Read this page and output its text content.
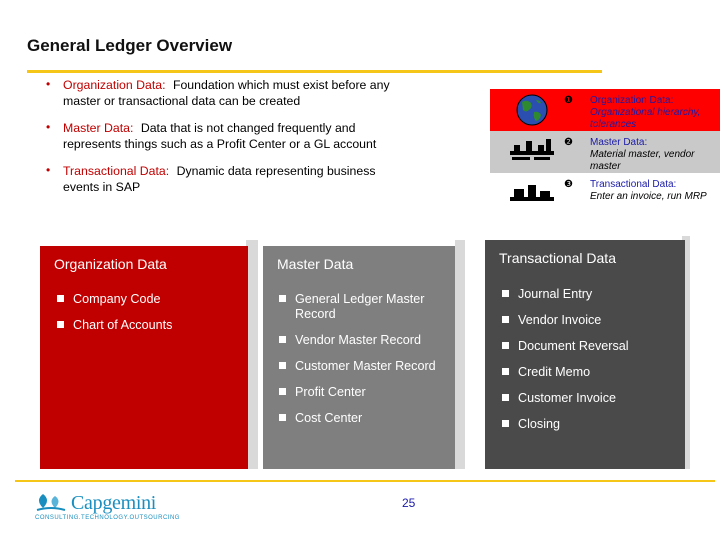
General Ledger Overview
• Organization Data: Foundation which must exist before any master or transactional data can be created
• Master Data: Data that is not changed frequently and represents things such as a Profit Center or a GL account
• Transactional Data: Dynamic data representing business events in SAP
❶ Organization Data:
Organizational hierarchy, tolerances
❷ Master Data:
Material master, vendor master
❸ Transactional Data:
Enter an invoice, run MRP
Organization Data
Company Code
Chart of Accounts
Master Data
General Ledger Master Record
Vendor Master Record
Customer Master Record
Profit Center
Cost Center
Transactional Data
Journal Entry
Vendor Invoice
Document Reversal
Credit Memo
Customer Invoice
Closing
Capgemini
CONSULTING.TECHNOLOGY.OUTSOURCING
25
